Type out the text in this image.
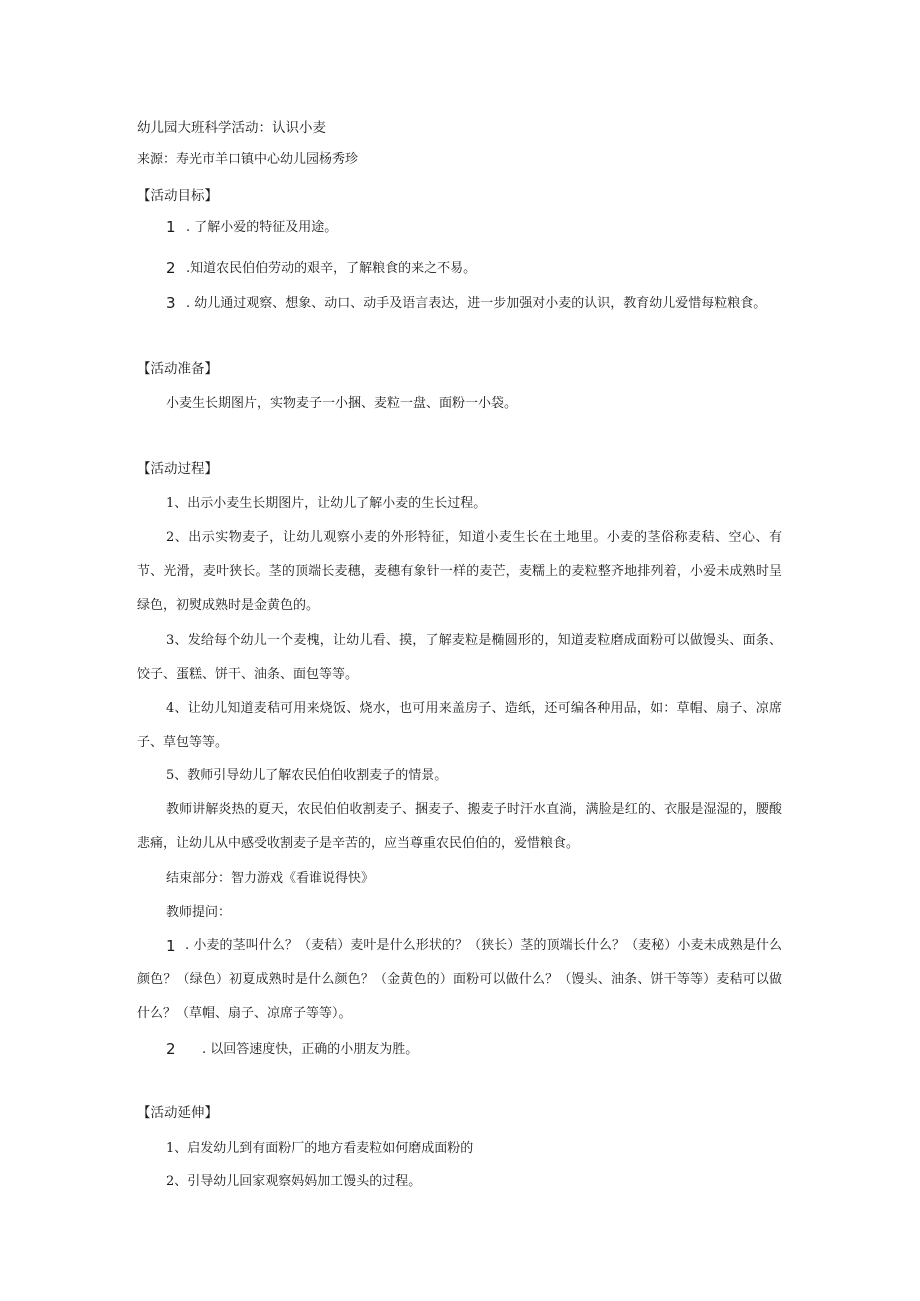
幼儿园大班科学活动：认识小麦
来源：寿光市羊口镇中心幼儿园杨秀珍
【活动目标】
1 . 了解小爱的特征及用途。
2 .知道农民伯伯劳动的艰辛，了解粮食的来之不易。
3 . 幼儿通过观察、想象、动口、动手及语言表达，进一步加强对小麦的认识，教育幼儿爱惜每粒粮食。
【活动准备】
小麦生长期图片，实物麦子一小捆、麦粒一盘、面粉一小袋。
【活动过程】
1、出示小麦生长期图片，让幼儿了解小麦的生长过程。
2、出示实物麦子，让幼儿观察小麦的外形特征，知道小麦生长在土地里。小麦的茎俗称麦秸、空心、有节、光滑，麦叶狭长。茎的顶端长麦穗，麦穗有象针一样的麦芒，麦糯上的麦粒整齐地排列着，小爱未成熟时呈绿色，初熨成熟时是金黄色的。
3、发给每个幼儿一个麦槐，让幼儿看、摸，了解麦粒是椭圆形的，知道麦粒磨成面粉可以做馒头、面条、饺子、蛋糕、饼干、油条、面包等等。
4、让幼儿知道麦秸可用来烧饭、烧水，也可用来盖房子、造纸，还可编各种用品，如：草帽、扇子、凉席子、草包等等。
5、教师引导幼儿了解农民伯伯收割麦子的情景。
教师讲解炎热的夏天，农民伯伯收割麦子、捆麦子、搬麦子时汗水直淌，满脸是红的、衣服是湿湿的，腰酸悲痛，让幼儿从中感受收割麦子是辛苦的，应当尊重农民伯伯的，爱惜粮食。
结束部分：智力游戏《看谁说得快》
教师提问：
1 . 小麦的茎叫什么？（麦秸）麦叶是什么形状的？（狭长）茎的顶端长什么？（麦秘）小麦未成熟是什么颜色？（绿色）初夏成熟时是什么颜色？（金黄色的）面粉可以做什么？（馒头、油条、饼干等等）麦秸可以做什么？（草帽、扇子、凉席子等等）。
2 . 以回答速度快，正确的小朋友为胜。
【活动延伸】
1、启发幼儿到有面粉厂的地方看麦粒如何磨成面粉的
2、引导幼儿回家观察妈妈加工馒头的过程。
